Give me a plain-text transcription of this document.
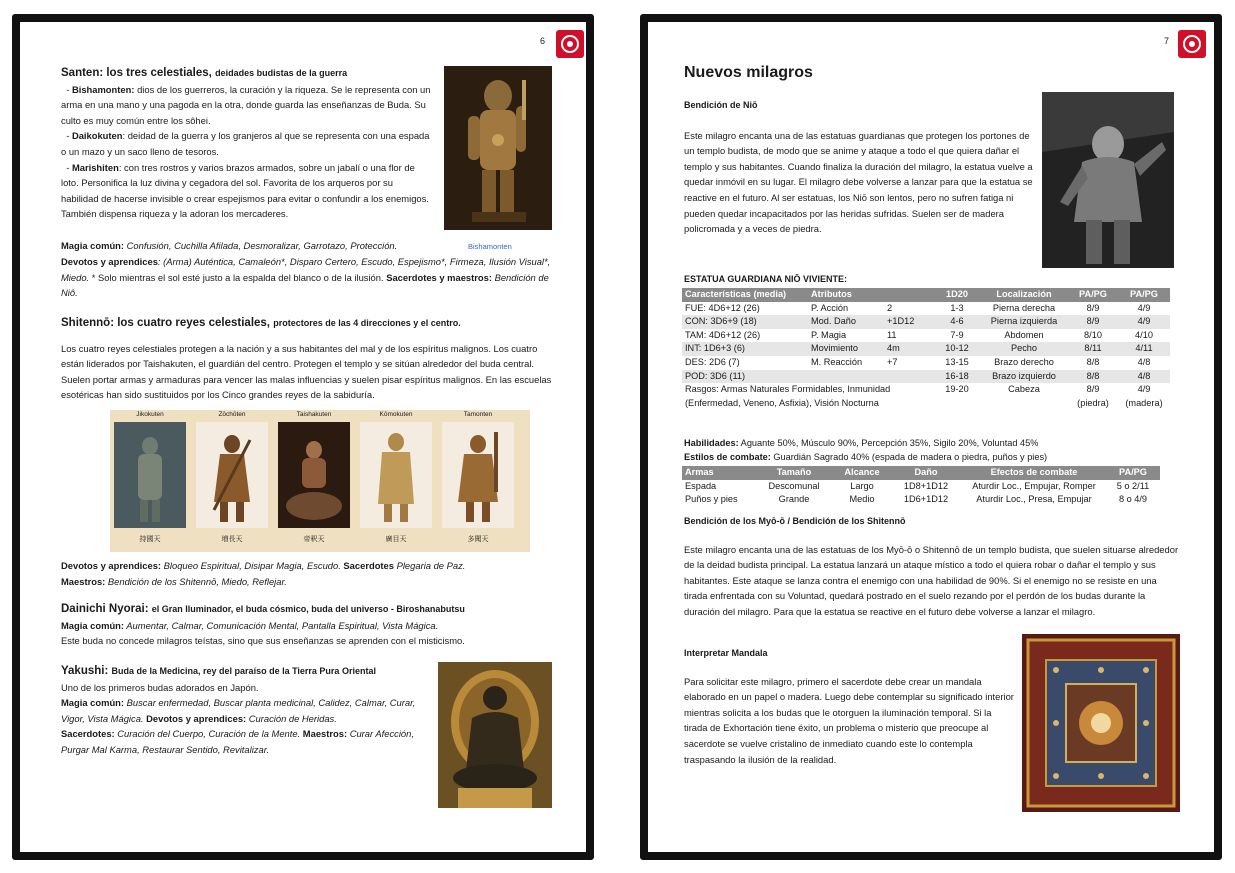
6
Bishamonten

Santen: los tres celestiales, deidades budistas de la guerra

- Bishamonten: dios de los guerreros, la curación y la riqueza. Se le representa con un arma en una mano y una pagoda en la otra, donde guarda las enseñanzas de Buda. Su culto es muy común entre los sôhei.

- Daikokuten: deidad de la guerra y los granjeros al que se representa con una espada o un mazo y un saco lleno de tesoros.

- Marishiten: con tres rostros y varios brazos armados, sobre un jabalí o una flor de loto. Personifica la luz divina y cegadora del sol. Favorita de los arqueros por su habilidad de hacerse invisible o crear espejismos para evitar o confundir a los enemigos. También dispensa riqueza y la adoran los mercaderes.

Magia común: Confusión, Cuchilla Afilada, Desmoralizar, Garrotazo, Protección.

Devotos y aprendices: (Arma) Auténtica, Camaleón*, Disparo Certero, Escudo, Espejismo*, Firmeza, Ilusión Visual*, Miedo. * Solo mientras el sol esté justo a la espalda del blanco o de la ilusión. Sacerdotes y maestros: Bendición de Niô.

Shitennō: los cuatro reyes celestiales, protectores de las 4 direcciones y el centro.

Los cuatro reyes celestiales protegen a la nación y a sus habitantes del mal y de los espíritus malignos. Los cuatro están liderados por Taishakuten, el guardián del centro. Protegen el templo y se sitúan alrededor del buda central. Suelen portar armas y armaduras para vencer las malas influencias y suelen pisar espíritus malignos. En las escuelas esotéricas han sido sustituidos por los Cinco grandes reyes de la sabiduría.

Jikokuten	Zōchōten	Taishakuten	Kōmokuten	Tamonten
持國天	増長天	帝釈天	廣目天	多聞天

Devotos y aprendices: Bloqueo Espiritual, Disipar Magia, Escudo. Sacerdotes Plegaria de Paz.

Maestros: Bendición de los Shitennō, Miedo, Reflejar.

Dainichi Nyorai: el Gran Iluminador, el buda cósmico, buda del universo - Biroshanabutsu

Magia común: Aumentar, Calmar, Comunicación Mental, Pantalla Espiritual, Vista Mágica.

Este buda no concede milagros teístas, sino que sus enseñanzas se aprenden con el misticismo.

Yakushi: Buda de la Medicina, rey del paraíso de la Tierra Pura Oriental

Uno de los primeros budas adorados en Japón.

Magia común: Buscar enfermedad, Buscar planta medicinal, Calidez, Calmar, Curar, Vigor, Vista Mágica. Devotos y aprendices: Curación de Heridas.

Sacerdotes: Curación del Cuerpo, Curación de la Mente. Maestros: Curar Afección, Purgar Mal Karma, Restaurar Sentido, Revitalizar.

7
Nuevos milagros

Bendición de Niō

Este milagro encanta una de las estatuas guardianas que protegen los portones de un templo budista, de modo que se anime y ataque a todo el que quiera dañar el templo y sus habitantes. Cuando finaliza la duración del milagro, la estatua vuelve a quedar inmóvil en su lugar. El milagro debe volverse a lanzar para que la estatua se reactive en el futuro. Al ser estatuas, los Niō son lentos, pero no sufren fatiga ni pueden quedar incapacitados por las heridas sufridas. Suelen ser de madera policromada y a veces de piedra.

ESTATUA GUARDIANA NIŌ VIVIENTE:
Características (media)	Atributos		1D20	Localización	PA/PG	PA/PG
FUE: 4D6+12 (26)	P. Acción	2	1-3	Pierna derecha	8/9	4/9
CON: 3D6+9 (18)	Mod. Daño	+1D12	4-6	Pierna izquierda	8/9	4/9
TAM: 4D6+12 (26)	P. Magia	11	7-9	Abdomen	8/10	4/10
INT: 1D6+3 (6)	Movimiento	4m	10-12	Pecho	8/11	4/11
DES: 2D6 (7)	M. Reacción	+7	13-15	Brazo derecho	8/8	4/8
POD: 3D6 (11)			16-18	Brazo izquierdo	8/8	4/8
Rasgos: Armas Naturales Formidables, Inmunidad			19-20	Cabeza	8/9	4/9
(Enfermedad, Veneno, Asfixia), Visión Nocturna					(piedra)	(madera)

Habilidades: Aguante 50%, Músculo 90%, Percepción 35%, Sigilo 20%, Voluntad 45%

Estilos de combate: Guardián Sagrado 40% (espada de madera o piedra, puños y pies)

Armas	Tamaño	Alcance	Daño	Efectos de combate	PA/PG
Espada	Descomunal	Largo	1D8+1D12	Aturdir Loc., Empujar, Romper	5 o 2/11
Puños y pies	Grande	Medio	1D6+1D12	Aturdir Loc., Presa, Empujar	8 o 4/9

Bendición de los Myō-ō / Bendición de los Shitennō

Este milagro encanta una de las estatuas de los Myō-ō o Shitennō de un templo budista, que suelen situarse alrededor de la deidad budista principal. La estatua lanzará un ataque místico a todo el quiera robar o dañar el templo y sus habitantes. Este ataque se lanza contra el enemigo con una habilidad de 90%. Si el enemigo no se resiste en una tirada enfrentada con su Voluntad, quedará postrado en el suelo rezando por el perdón de los budas durante la duración del milagro. Para que la estatua se reactive en el futuro debe volverse a lanzar el milagro.

Interpretar Mandala

Para solicitar este milagro, primero el sacerdote debe crear un mandala elaborado en un papel o madera. Luego debe contemplar su significado interior mientras solicita a los budas que le otorguen la iluminación temporal. Si la tirada de Exhortación tiene éxito, un problema o misterio que preocupe al sacerdote se vuelve cristalino de inmediato cuando este lo contempla traspasando la ilusión de la realidad.
